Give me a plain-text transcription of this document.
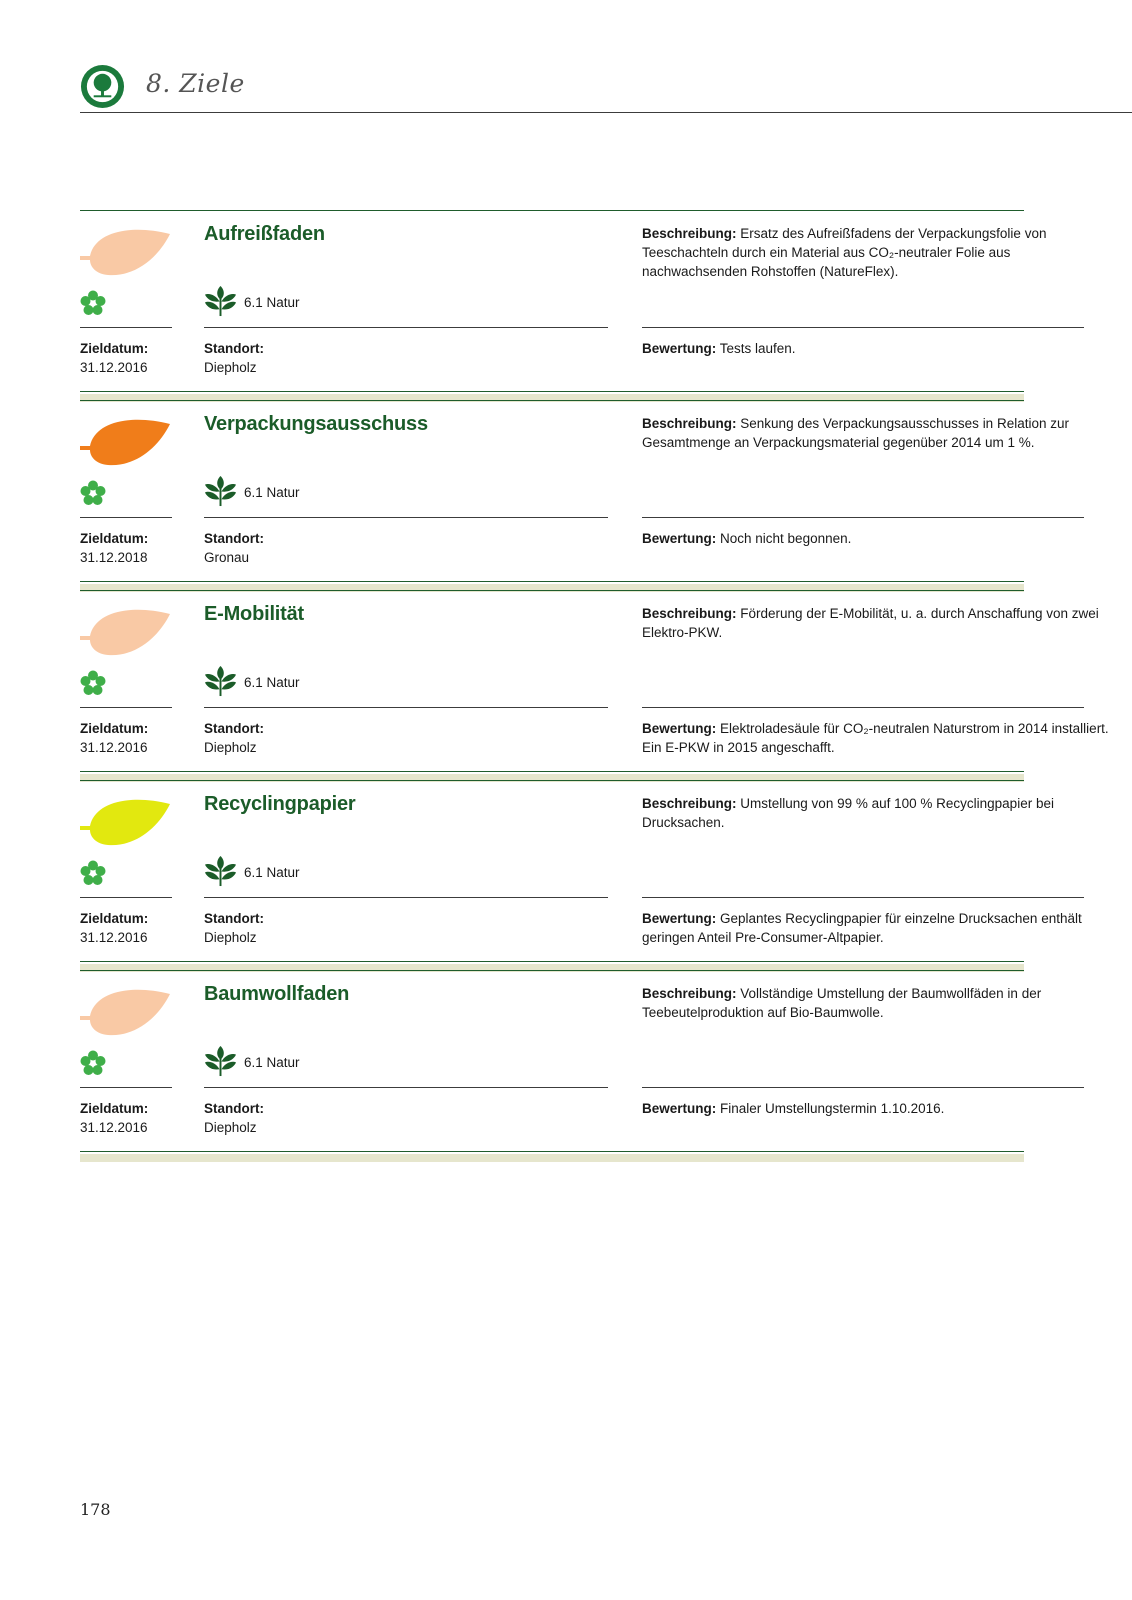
8. Ziele
Aufreißfaden
6.1 Natur
Zieldatum:
31.12.2016
Standort:
Diepholz
Beschreibung: Ersatz des Aufreißfadens der Verpackungsfolie von Teeschachteln durch ein Material aus CO₂-neutraler Folie aus nachwachsenden Rohstoffen (NatureFlex).
Bewertung: Tests laufen.
Verpackungsausschuss
6.1 Natur
Zieldatum:
31.12.2018
Standort:
Gronau
Beschreibung: Senkung des Verpackungsausschusses in Relation zur Gesamtmenge an Verpackungsmaterial gegenüber 2014 um 1 %.
Bewertung: Noch nicht begonnen.
E-Mobilität
6.1 Natur
Zieldatum:
31.12.2016
Standort:
Diepholz
Beschreibung: Förderung der E-Mobilität, u. a. durch Anschaffung von zwei Elektro-PKW.
Bewertung: Elektroladesäule für CO₂-neutralen Naturstrom in 2014 installiert. Ein E-PKW in 2015 angeschafft.
Recyclingpapier
6.1 Natur
Zieldatum:
31.12.2016
Standort:
Diepholz
Beschreibung: Umstellung von 99 % auf 100 % Recyclingpapier bei Drucksachen.
Bewertung: Geplantes Recyclingpapier für einzelne Drucksachen enthält geringen Anteil Pre-Consumer-Altpapier.
Baumwollfaden
6.1 Natur
Zieldatum:
31.12.2016
Standort:
Diepholz
Beschreibung: Vollständige Umstellung der Baumwollfäden in der Teebeutelproduktion auf Bio-Baumwolle.
Bewertung: Finaler Umstellungstermin 1.10.2016.

178
